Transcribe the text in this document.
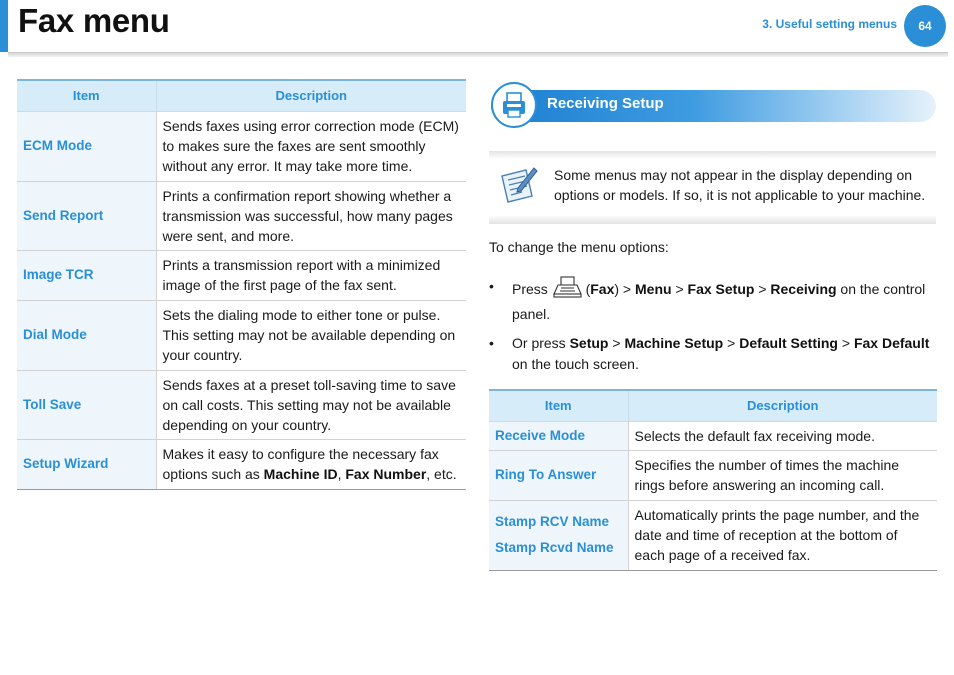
Fax menu	3. Useful setting menus	64
Item	Description
ECM Mode	Sends faxes using error correction mode (ECM) to makes sure the faxes are sent smoothly without any error. It may take more time.
Send Report	Prints a confirmation report showing whether a transmission was successful, how many pages were sent, and more.
Image TCR	Prints a transmission report with a minimized image of the first page of the fax sent.
Dial Mode	Sets the dialing mode to either tone or pulse. This setting may not be available depending on your country.
Toll Save	Sends faxes at a preset toll-saving time to save on call costs. This setting may not be available depending on your country.
Setup Wizard	Makes it easy to configure the necessary fax options such as Machine ID, Fax Number, etc.
Receiving Setup
Some menus may not appear in the display depending on options or models. If so, it is not applicable to your machine.
To change the menu options:
• Press  (Fax) > Menu > Fax Setup > Receiving on the control panel.
• Or press Setup > Machine Setup > Default Setting > Fax Default on the touch screen.
Item	Description
Receive Mode	Selects the default fax receiving mode.
Ring To Answer	Specifies the number of times the machine rings before answering an incoming call.

Stamp RCV Name
Stamp Rcvd Name	Automatically prints the page number, and the date and time of reception at the bottom of each page of a received fax.
